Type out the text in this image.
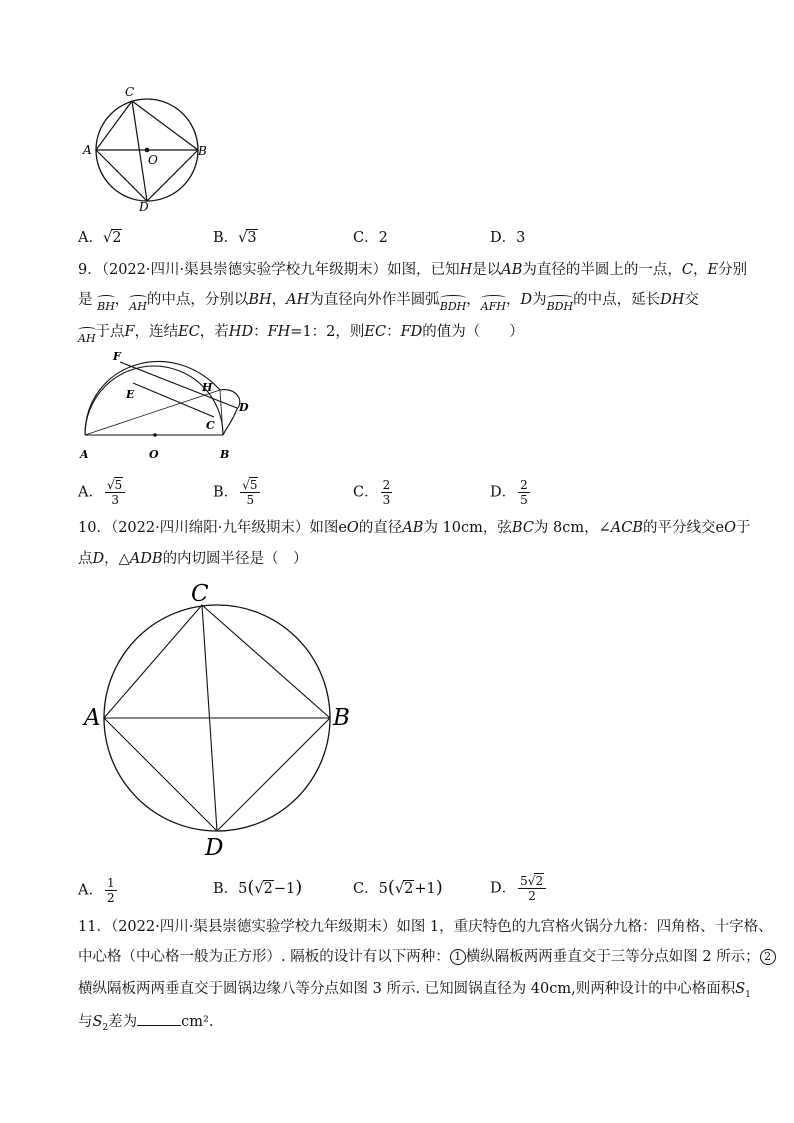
C
A
O
B
D
A．√2	B．√3	C．2	D．3
9．（2022·四川·渠县崇德实验学校九年级期末）如图，已知H是以AB为直径的半圆上的一点，C，E分别
是 BH，AH的中点，分别以BH，AH为直径向外作半圆弧BDH，AFH，D为BDH的中点，延长DH交
AH于点F，连结EC，若HD：FH=1：2，则EC：FD的值为（　　）
F
H
E
D
C
A	O	B
A． $\frac{√5}{3}$	B． $\frac{√5}{5}$	C． $\frac{2}{3}$	D． $\frac{2}{5}$
10．（2022·四川绵阳·九年级期末）如图eO的直径AB为 10cm，弦BC为 8cm，∠ACB的平分线交eO于
点D，△ADB的内切圆半径是（　）
C
A	B
D
A． $\frac{1}{2}$	B．5(√2−1)	C．5(√2+1)	D． $\frac{5√2}{2}$
11．（2022·四川·渠县崇德实验学校九年级期末）如图 1，重庆特色的九宫格火锅分九格：四角格、十字格、
中心格（中心格一般为正方形）. 隔板的设计有以下两种： 1 横纵隔板两两垂直交于三等分点如图 2 所示； 2
横纵隔板两两垂直交于圆锅边缘八等分点如图 3 所示. 已知圆锅直径为 40cm,则两种设计的中心格面积$S_1$
与$S_2$差为	cm².
